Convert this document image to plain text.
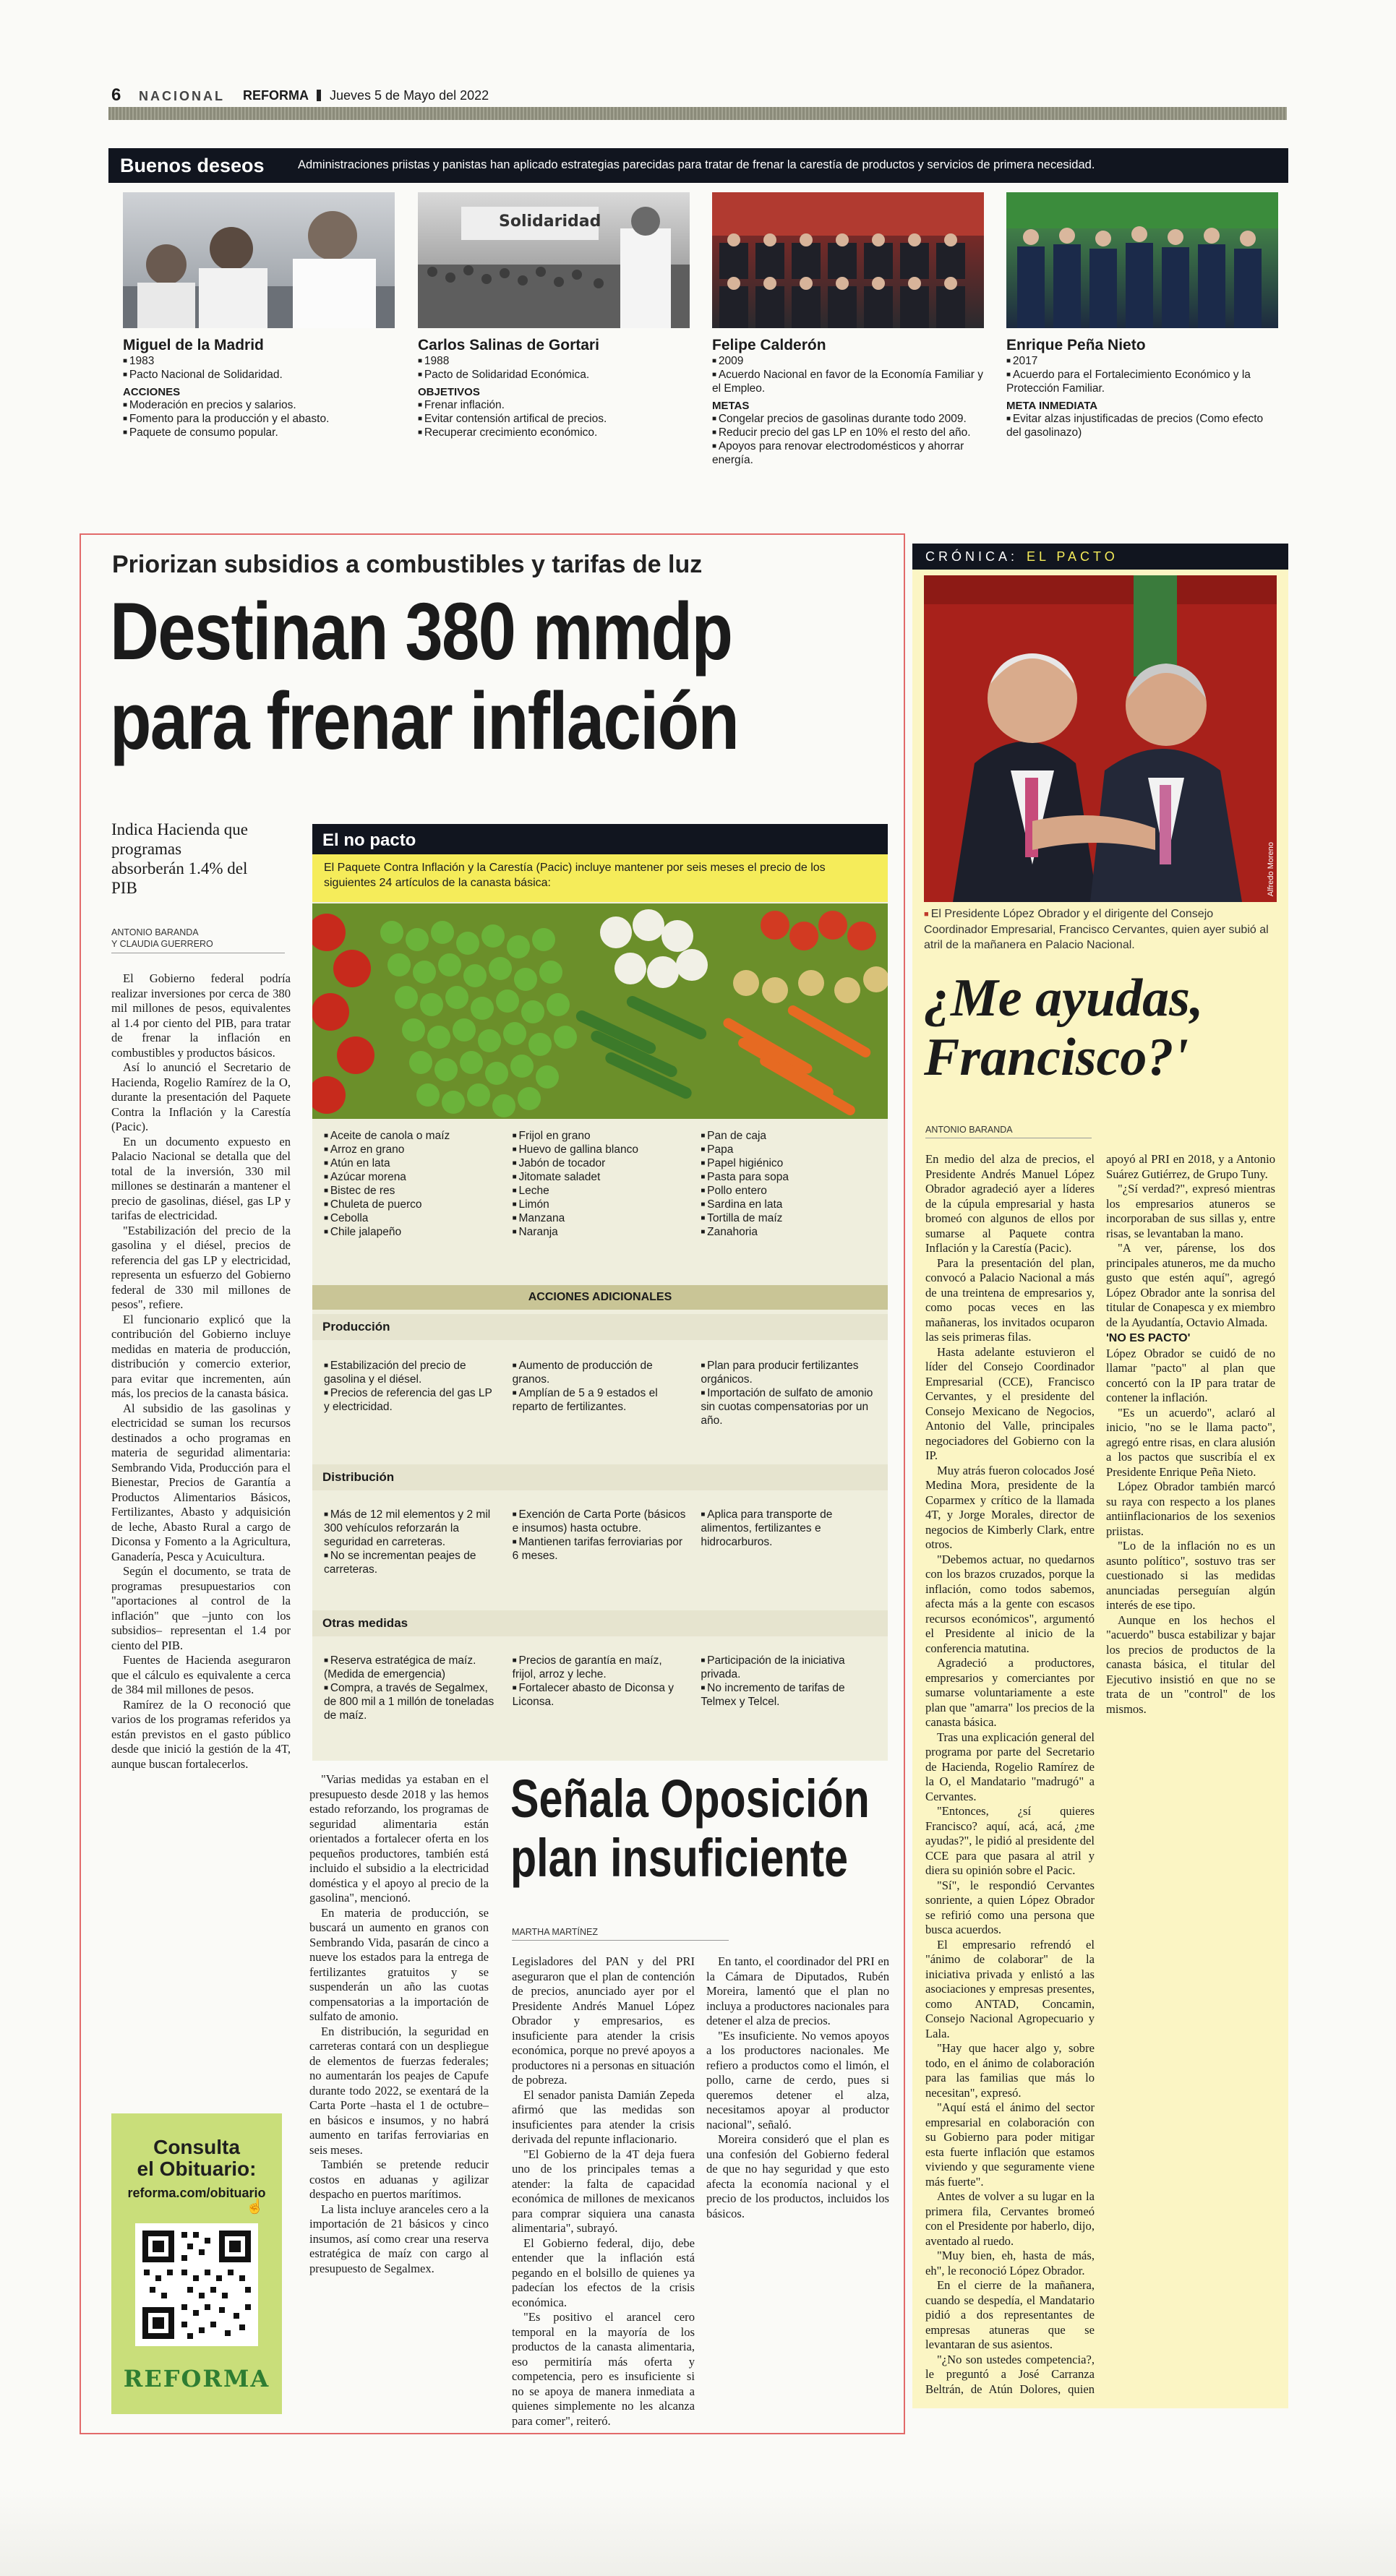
6 NACIONAL REFORMA Jueves 5 de Mayo del 2022
Buenos deseos	Administraciones priistas y panistas han aplicado estrategias parecidas para tratar de frenar la carestía de productos y servicios de primera necesidad.
Solidaridad
Miguel de la Madrid
■ 1983
■ Pacto Nacional de Solidaridad.
ACCIONES
■ Moderación en precios y salarios.
■ Fomento para la producción y el abasto.
■ Paquete de consumo popular.
Carlos Salinas de Gortari
■ 1988
■ Pacto de Solidaridad Económica.
OBJETIVOS
■ Frenar inflación.
■ Evitar contensión artifical de precios.
■ Recuperar crecimiento económico.
Felipe Calderón
■ 2009
■ Acuerdo Nacional en favor de la Economía Familiar y el Empleo.
METAS
■ Congelar precios de gasolinas durante todo 2009.
■ Reducir precio del gas LP en 10% el resto del año.
■ Apoyos para renovar electrodomésticos y ahorrar energía.
Enrique Peña Nieto
■ 2017
■ Acuerdo para el Fortalecimiento Económico y la Protección Familiar.
META INMEDIATA
■ Evitar alzas injustificadas de precios (Como efecto del gasolinazo)
Priorizan subsidios a combustibles y tarifas de luz
Destinan 380 mmdp
para frenar inflación
Indica Hacienda que programas absorberán 1.4% del PIB
ANTONIO BARANDA
Y CLAUDIA GUERRERO

El Gobierno federal podría realizar inversiones por cerca de 380 mil millones de pesos, equivalentes al 1.4 por ciento del PIB, para tratar de frenar la inflación en combustibles y productos básicos.

Así lo anunció el Secretario de Hacienda, Rogelio Ramírez de la O, durante la presentación del Paquete Contra la Inflación y la Carestía (Pacic).

En un documento expuesto en Palacio Nacional se detalla que del total de la inversión, 330 mil millones se destinarán a mantener el precio de gasolinas, diésel, gas LP y tarifas de electricidad.

"Estabilización del precio de la gasolina y el diésel, precios de referencia del gas LP y electricidad, representa un esfuerzo del Gobierno federal de 330 mil millones de pesos", refiere.

El funcionario explicó que la contribución del Gobierno incluye medidas en materia de producción, distribución y comercio exterior, para evitar que incrementen, aún más, los precios de la canasta básica.

Al subsidio de las gasolinas y electricidad se suman los recursos destinados a ocho programas en materia de seguridad alimentaria: Sembrando Vida, Producción para el Bienestar, Precios de Garantía a Productos Alimentarios Básicos, Fertilizantes, Abasto y adquisición de leche, Abasto Rural a cargo de Diconsa y Fomento a la Agricultura, Ganadería, Pesca y Acuicultura.

Según el documento, se trata de programas presupuestarios con "aportaciones al control de la inflación" que –junto con los subsidios– representan el 1.4 por ciento del PIB.

Fuentes de Hacienda aseguraron que el cálculo es equivalente a cerca de 384 mil millones de pesos.

Ramírez de la O reconoció que varios de los programas referidos ya están previstos en el gasto público desde que inició la gestión de la 4T, aunque buscan fortalecerlos.

"Varias medidas ya estaban en el presupuesto desde 2018 y las hemos estado reforzando, los programas de seguridad alimentaria están orientados a fortalecer oferta en los pequeños productores, también está incluido el subsidio a la electricidad doméstica y el apoyo al precio de la gasolina", mencionó.

En materia de producción, se buscará un aumento en granos con Sembrando Vida, pasarán de cinco a nueve los estados para la entrega de fertilizantes gratuitos y se suspenderán un año las cuotas compensatorias a la importación de sulfato de amonio.

En distribución, la seguridad en carreteras contará con un despliegue de elementos de fuerzas federales; no aumentarán los peajes de Capufe durante todo 2022, se exentará de la Carta Porte –hasta el 1 de octubre– en básicos e insumos, y no habrá aumento en tarifas ferroviarias en seis meses.

También se pretende reducir costos en aduanas y agilizar despacho en puertos marítimos.

La lista incluye aranceles cero a la importación de 21 básicos y cinco insumos, así como crear una reserva estratégica de maíz con cargo al presupuesto de Segalmex.

El no pacto
El Paquete Contra Inflación y la Carestía (Pacic) incluye mantener por seis meses el precio de los siguientes 24 artículos de la canasta básica:
■ Aceite de canola o maíz
■ Arroz en grano
■ Atún en lata
■ Azúcar morena
■ Bistec de res
■ Chuleta de puerco
■ Cebolla
■ Chile jalapeño
■ Frijol en grano
■ Huevo de gallina blanco
■ Jabón de tocador
■ Jitomate saladet
■ Leche
■ Limón
■ Manzana
■ Naranja
■ Pan de caja
■ Papa
■ Papel higiénico
■ Pasta para sopa
■ Pollo entero
■ Sardina en lata
■ Tortilla de maíz
■ Zanahoria
ACCIONES ADICIONALES
Producción
■ Estabilización del precio de gasolina y el diésel.
■ Precios de referencia del gas LP y electricidad.
■ Aumento de producción de granos.
■ Amplían de 5 a 9 estados el reparto de fertilizantes.
■ Plan para producir fertilizantes orgánicos.
■ Importación de sulfato de amonio sin cuotas compensatorias por un año.
Distribución
■ Más de 12 mil elementos y 2 mil 300 vehículos reforzarán la seguridad en carreteras.
■ No se incrementan peajes de carreteras.
■ Exención de Carta Porte (básicos e insumos) hasta octubre.
■ Mantienen tarifas ferroviarias por 6 meses.
■ Aplica para transporte de alimentos, fertilizantes e hidrocarburos.
Otras medidas
■ Reserva estratégica de maíz. (Medida de emergencia)
■ Compra, a través de Segalmex, de 800 mil a 1 millón de toneladas de maíz.
■ Precios de garantía en maíz, frijol, arroz y leche.
■ Fortalecer abasto de Diconsa y Liconsa.
■ Participación de la iniciativa privada.
■ No incremento de tarifas de Telmex y Telcel.
Señala Oposición
plan insuficiente
MARTHA MARTÍNEZ

Legisladores del PAN y del PRI aseguraron que el plan de contención de precios, anunciado ayer por el Presidente Andrés Manuel López Obrador y empresarios, es insuficiente para atender la crisis económica, porque no prevé apoyos a productores ni a personas en situación de pobreza.

El senador panista Damián Zepeda afirmó que las medidas son insuficientes para atender la crisis derivada del repunte inflacionario.

"El Gobierno de la 4T deja fuera uno de los principales temas a atender: la falta de capacidad económica de millones de mexicanos para comprar siquiera una canasta alimentaria", subrayó.

El Gobierno federal, dijo, debe entender que la inflación está pegando en el bolsillo de quienes ya padecían los efectos de la crisis económica.

"Es positivo el arancel cero temporal en la mayoría de los productos de la canasta alimentaria, eso permitiría más oferta y competencia, pero es insuficiente si no se apoya de manera inmediata a quienes simplemente no les alcanza para comer", reiteró.

En tanto, el coordinador del PRI en la Cámara de Diputados, Rubén Moreira, lamentó que el plan no incluya a productores nacionales para detener el alza de precios.

"Es insuficiente. No vemos apoyos a los productores nacionales. Me refiero a productos como el limón, el pollo, carne de cerdo, pues si queremos detener el alza, necesitamos apoyar al productor nacional", señaló.

Moreira consideró que el plan es una confesión del Gobierno federal de que no hay seguridad y que esto afecta la economía nacional y el precio de los productos, incluidos los básicos.

Consulta
el Obituario:
reforma.com/obituario
☝
REFORMA
CRÓNICA: EL PACTO
Alfredo Moreno
■ El Presidente López Obrador y el dirigente del Consejo Coordinador Empresarial, Francisco Cervantes, quien ayer subió al atril de la mañanera en Palacio Nacional.
¿Me ayudas,
Francisco?'
ANTONIO BARANDA

En medio del alza de precios, el Presidente Andrés Manuel López Obrador agradeció ayer a líderes de la cúpula empresarial y hasta bromeó con algunos de ellos por sumarse al Paquete contra Inflación y la Carestía (Pacic).

Para la presentación del plan, convocó a Palacio Nacional a más de una treintena de empresarios y, como pocas veces en las mañaneras, los invitados ocuparon las seis primeras filas.

Hasta adelante estuvieron el líder del Consejo Coordinador Empresarial (CCE), Francisco Cervantes, y el presidente del Consejo Mexicano de Negocios, Antonio del Valle, principales negociadores del Gobierno con la IP.

Muy atrás fueron colocados José Medina Mora, presidente de la Coparmex y crítico de la llamada 4T, y Jorge Morales, director de negocios de Kimberly Clark, entre otros.

"Debemos actuar, no quedarnos con los brazos cruzados, porque la inflación, como todos sabemos, afecta más a la gente con escasos recursos económicos", argumentó el Presidente al inicio de la conferencia matutina.

Agradeció a productores, empresarios y comerciantes por sumarse voluntariamente a este plan que "amarra" los precios de la canasta básica.

Tras una explicación general del programa por parte del Secretario de Hacienda, Rogelio Ramírez de la O, el Mandatario "madrugó" a Cervantes.

"Entonces, ¿sí quieres Francisco? aquí, acá, acá, ¿me ayudas?", le pidió al presidente del CCE para que pasara al atril y diera su opinión sobre el Pacic.

"Sí", le respondió Cervantes sonriente, a quien López Obrador se refirió como una persona que busca acuerdos.

El empresario refrendó el "ánimo de colaborar" de la iniciativa privada y enlistó a las asociaciones y empresas presentes, como ANTAD, Concamin, Consejo Nacional Agropecuario y Lala.

"Hay que hacer algo y, sobre todo, en el ánimo de colaboración para las familias que más lo necesitan", expresó.

"Aquí está el ánimo del sector empresarial en colaboración con su Gobierno para poder mitigar esta fuerte inflación que estamos viviendo y que seguramente viene más fuerte".

Antes de volver a su lugar en la primera fila, Cervantes bromeó con el Presidente por haberlo, dijo, aventado al ruedo.

"Muy bien, eh, hasta de más, eh", le reconoció López Obrador.

En el cierre de la mañanera, cuando se despedía, el Mandatario pidió a dos representantes de empresas atuneras que se levantaran de sus asientos.

"¿No son ustedes competencia?, le preguntó a José Carranza Beltrán, de Atún Dolores, quien apoyó al PRI en 2018, y a Antonio Suárez Gutiérrez, de Grupo Tuny.

"¿Sí verdad?", expresó mientras los empresarios atuneros se incorporaban de sus sillas y, entre risas, se levantaban la mano.

"A ver, párense, los dos principales atuneros, me da mucho gusto que estén aquí", agregó López Obrador ante la sonrisa del titular de Conapesca y ex miembro de la Ayudantía, Octavio Almada.

'NO ES PACTO'

López Obrador se cuidó de no llamar "pacto" al plan que concertó con la IP para tratar de contener la inflación.

"Es un acuerdo", aclaró al inicio, "no se le llama pacto", agregó entre risas, en clara alusión a los pactos que suscribía el ex Presidente Enrique Peña Nieto.

López Obrador también marcó su raya con respecto a los planes antiinflacionarios de los sexenios priistas.

"Lo de la inflación no es un asunto político", sostuvo tras ser cuestionado si las medidas anunciadas perseguían algún interés de ese tipo.

Aunque en los hechos el "acuerdo" busca estabilizar y bajar los precios de productos de la canasta básica, el titular del Ejecutivo insistió en que no se trata de un "control" de los mismos.
